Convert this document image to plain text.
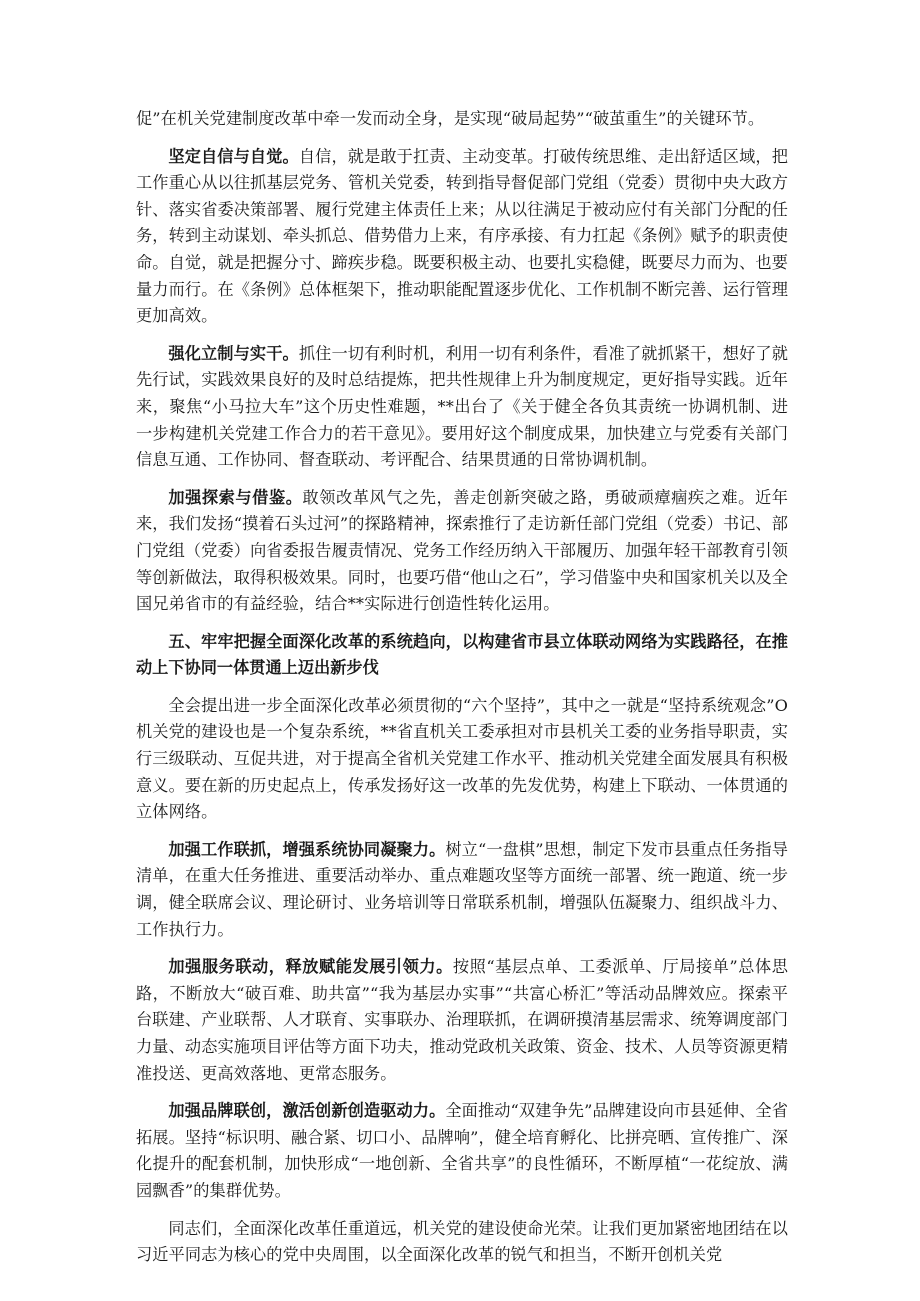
促”在机关党建制度改革中牵一发而动全身，是实现“破局起势”“破茧重生”的关键环节。

坚定自信与自觉。自信，就是敢于扛责、主动变革。打破传统思维、走出舒适区域，把工作重心从以往抓基层党务、管机关党委，转到指导督促部门党组（党委）贯彻中央大政方针、落实省委决策部署、履行党建主体责任上来；从以往满足于被动应付有关部门分配的任务，转到主动谋划、牵头抓总、借势借力上来，有序承接、有力扛起《条例》赋予的职责使命。自觉，就是把握分寸、蹄疾步稳。既要积极主动、也要扎实稳健，既要尽力而为、也要量力而行。在《条例》总体框架下，推动职能配置逐步优化、工作机制不断完善、运行管理更加高效。

强化立制与实干。抓住一切有利时机，利用一切有利条件，看准了就抓紧干，想好了就先行试，实践效果良好的及时总结提炼，把共性规律上升为制度规定，更好指导实践。近年来，聚焦“小马拉大车”这个历史性难题，**出台了《关于健全各负其责统一协调机制、进一步构建机关党建工作合力的若干意见》。要用好这个制度成果，加快建立与党委有关部门信息互通、工作协同、督查联动、考评配合、结果贯通的日常协调机制。

加强探索与借鉴。敢领改革风气之先，善走创新突破之路，勇破顽瘴痼疾之难。近年来，我们发扬“摸着石头过河”的探路精神，探索推行了走访新任部门党组（党委）书记、部门党组（党委）向省委报告履责情况、党务工作经历纳入干部履历、加强年轻干部教育引领等创新做法，取得积极效果。同时，也要巧借“他山之石”，学习借鉴中央和国家机关以及全国兄弟省市的有益经验，结合**实际进行创造性转化运用。

五、牢牢把握全面深化改革的系统趋向，以构建省市县立体联动网络为实践路径，在推动上下协同一体贯通上迈出新步伐

全会提出进一步全面深化改革必须贯彻的“六个坚持”，其中之一就是“坚持系统观念”O机关党的建设也是一个复杂系统，**省直机关工委承担对市县机关工委的业务指导职责，实行三级联动、互促共进，对于提高全省机关党建工作水平、推动机关党建全面发展具有积极意义。要在新的历史起点上，传承发扬好这一改革的先发优势，构建上下联动、一体贯通的立体网络。

加强工作联抓，增强系统协同凝聚力。树立“一盘棋”思想，制定下发市县重点任务指导清单，在重大任务推进、重要活动举办、重点难题攻坚等方面统一部署、统一跑道、统一步调，健全联席会议、理论研讨、业务培训等日常联系机制，增强队伍凝聚力、组织战斗力、工作执行力。

加强服务联动，释放赋能发展引领力。按照“基层点单、工委派单、厅局接单”总体思路，不断放大“破百难、助共富”“我为基层办实事”“共富心桥汇”等活动品牌效应。探索平台联建、产业联帮、人才联育、实事联办、治理联抓，在调研摸清基层需求、统筹调度部门力量、动态实施项目评估等方面下功夫，推动党政机关政策、资金、技术、人员等资源更精准投送、更高效落地、更常态服务。

加强品牌联创，激活创新创造驱动力。全面推动“双建争先”品牌建设向市县延伸、全省拓展。坚持“标识明、融合紧、切口小、品牌响”，健全培育孵化、比拼亮晒、宣传推广、深化提升的配套机制，加快形成“一地创新、全省共享”的良性循环，不断厚植“一花绽放、满园飘香”的集群优势。

同志们，全面深化改革任重道远，机关党的建设使命光荣。让我们更加紧密地团结在以习近平同志为核心的党中央周围，以全面深化改革的锐气和担当，不断开创机关党
